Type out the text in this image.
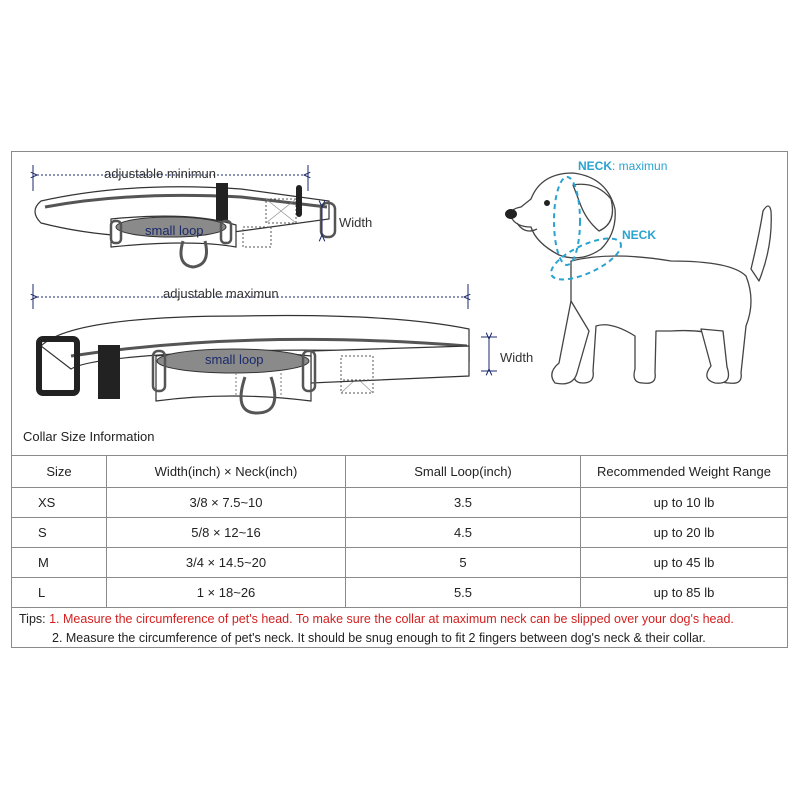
adjustable minimun
small loop
Width
adjustable maximun
small loop	Width
NECK: maximun
NECK
Collar Size Information
Size	Width(inch) × Neck(inch)	Small Loop(inch)	Recommended Weight Range
XS	3/8 × 7.5~10	3.5	up to 10 lb
S	5/8 × 12~16	4.5	up to 20 lb
M	3/4 × 14.5~20	5	up to 45 lb
L	1 × 18~26	5.5	up to 85 lb
Tips: 1. Measure the circumference of pet's head. To make sure the collar at maximum neck can be slipped over your dog's head.
2. Measure the circumference of pet's neck. It should be snug enough to fit 2 fingers between dog's neck & their collar.
